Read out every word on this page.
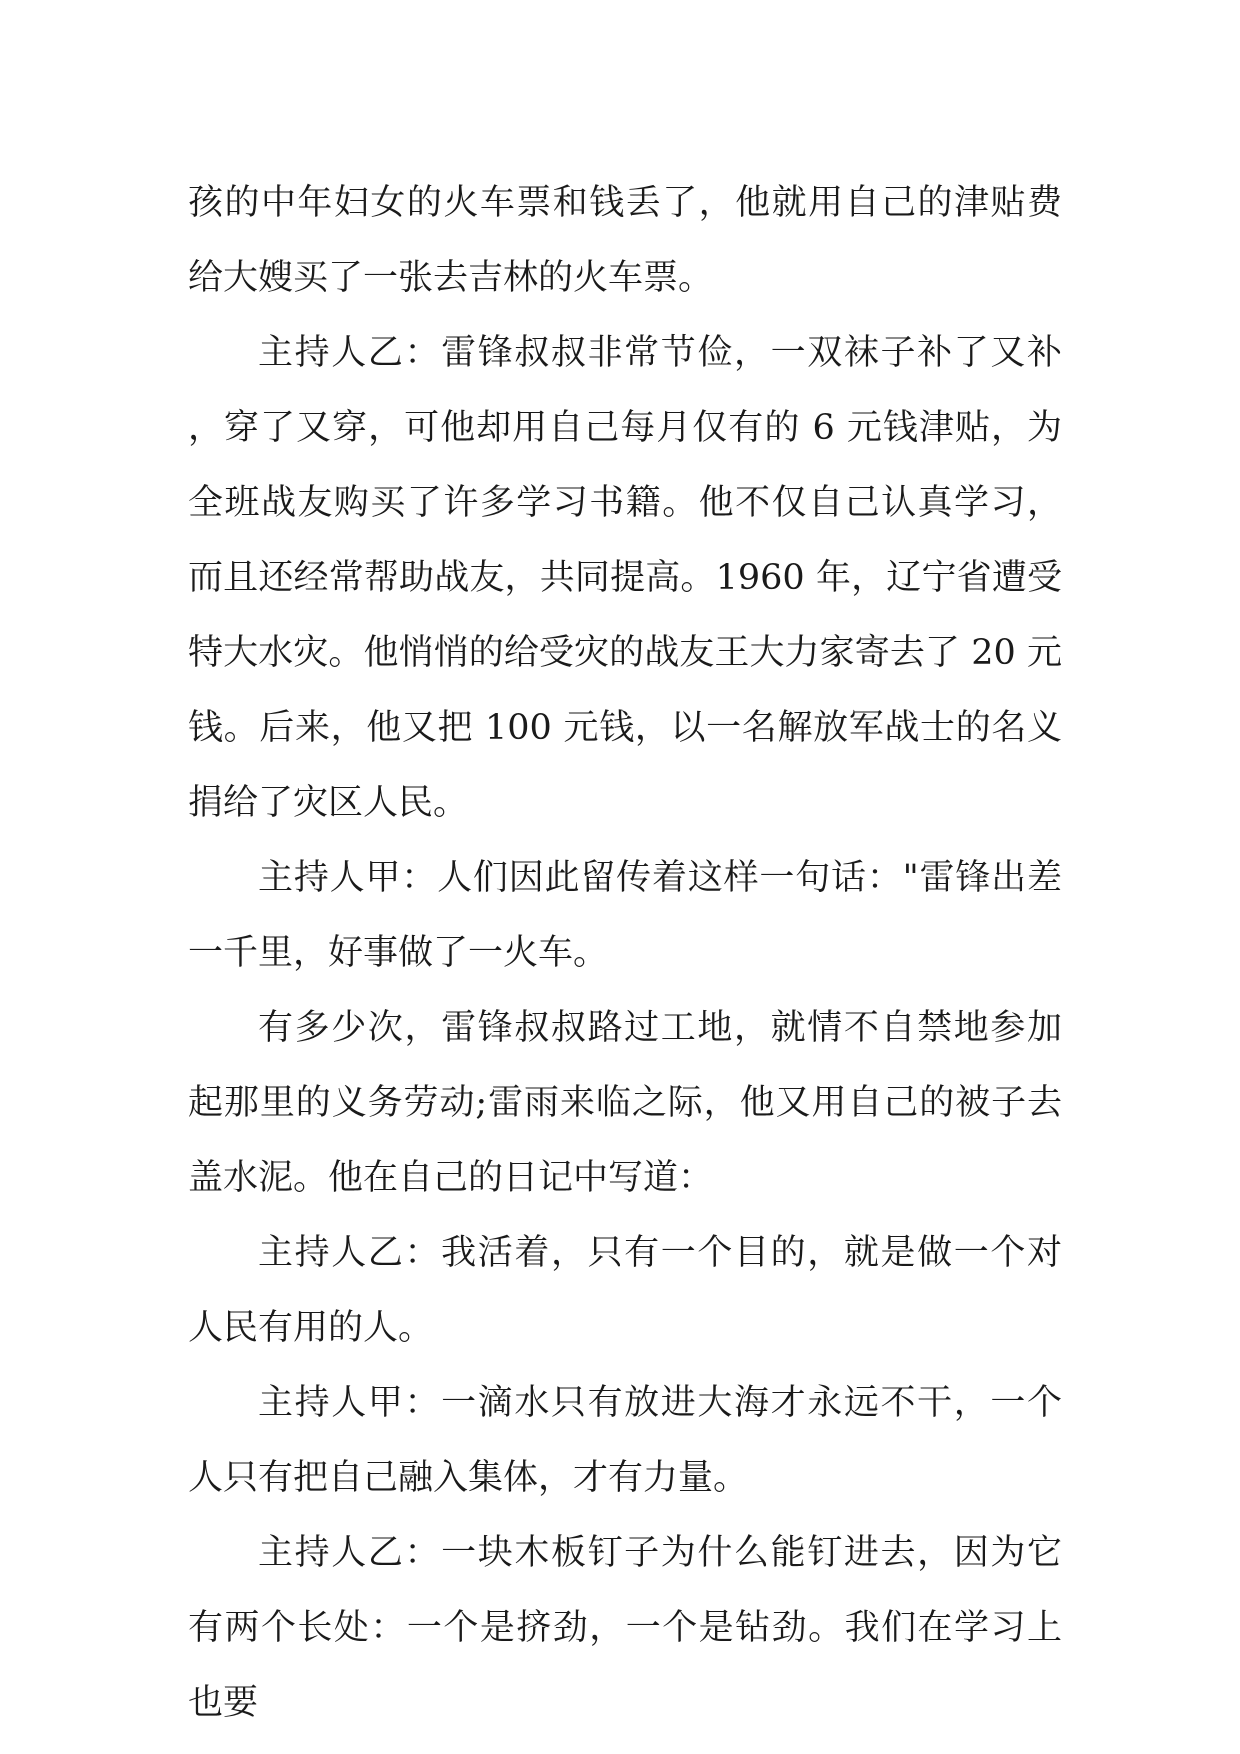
孩的中年妇女的火车票和钱丢了，他就用自己的津贴费给大嫂买了一张去吉林的火车票。

主持人乙：雷锋叔叔非常节俭，一双袜子补了又补，穿了又穿，可他却用自己每月仅有的 6 元钱津贴，为全班战友购买了许多学习书籍。他不仅自己认真学习，而且还经常帮助战友，共同提高。1960 年，辽宁省遭受特大水灾。他悄悄的给受灾的战友王大力家寄去了 20 元钱。后来，他又把 100 元钱，以一名解放军战士的名义捐给了灾区人民。

主持人甲：人们因此留传着这样一句话："雷锋出差一千里，好事做了一火车。

有多少次，雷锋叔叔路过工地，就情不自禁地参加起那里的义务劳动;雷雨来临之际，他又用自己的被子去盖水泥。他在自己的日记中写道：

主持人乙：我活着，只有一个目的，就是做一个对人民有用的人。

主持人甲：一滴水只有放进大海才永远不干，一个人只有把自己融入集体，才有力量。

主持人乙：一块木板钉子为什么能钉进去，因为它有两个长处：一个是挤劲，一个是钻劲。我们在学习上也要
